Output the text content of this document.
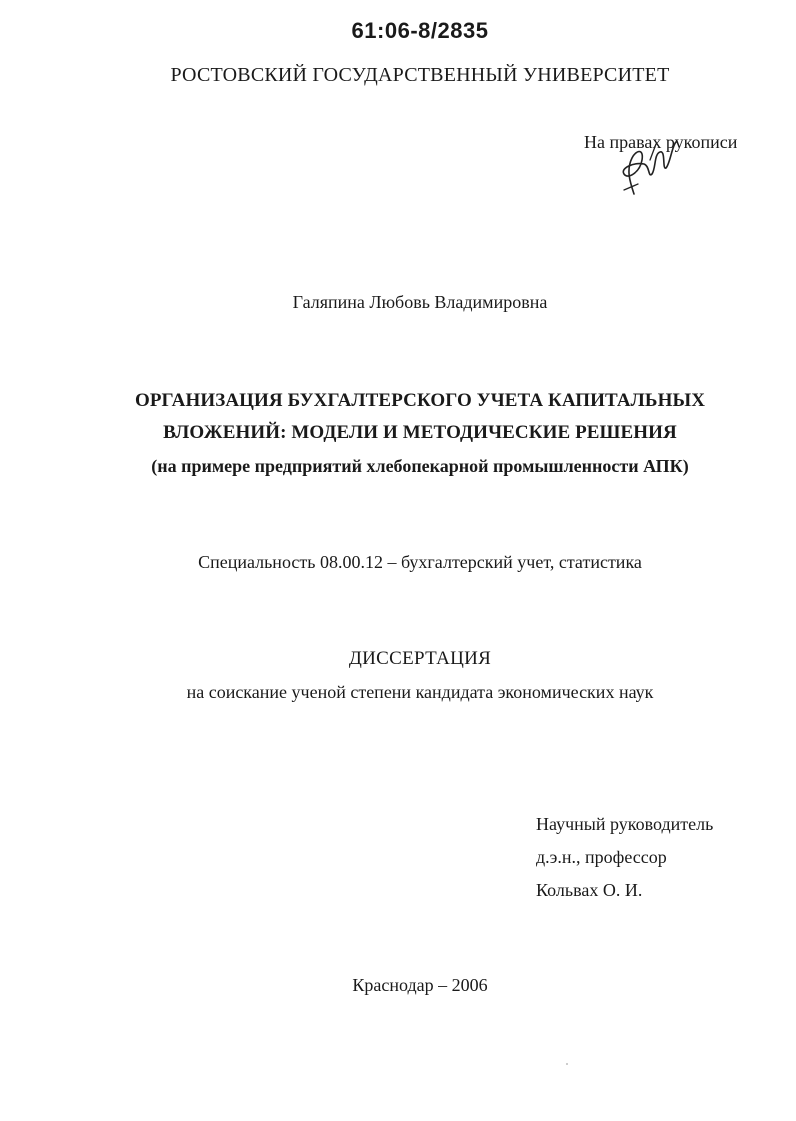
61:06-8/2835
РОСТОВСКИЙ ГОСУДАРСТВЕННЫЙ УНИВЕРСИТЕТ
На правах рукописи
Галяпина Любовь Владимировна
ОРГАНИЗАЦИЯ БУХГАЛТЕРСКОГО УЧЕТА КАПИТАЛЬНЫХ
ВЛОЖЕНИЙ: МОДЕЛИ И МЕТОДИЧЕСКИЕ РЕШЕНИЯ
(на примере предприятий хлебопекарной промышленности АПК)
Специальность 08.00.12 – бухгалтерский учет, статистика
ДИССЕРТАЦИЯ
на соискание ученой степени кандидата экономических наук
Научный руководитель
д.э.н., профессор
Кольвах О. И.
Краснодар – 2006
